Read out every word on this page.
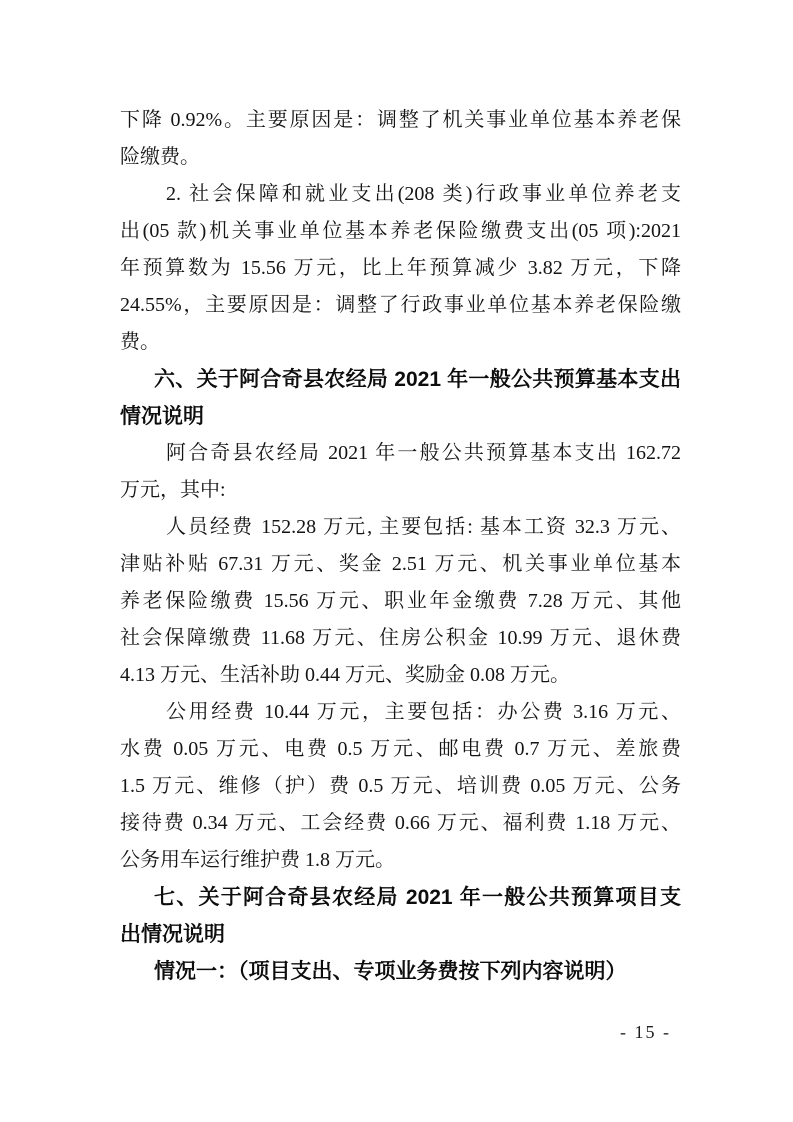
下降 0.92%。主要原因是：调整了机关事业单位基本养老保
险缴费。
2. 社会保障和就业支出(208 类)行政事业单位养老支
出(05 款)机关事业单位基本养老保险缴费支出(05 项):2021
年预算数为 15.56 万元，比上年预算减少 3.82 万元，下降
24.55%，主要原因是：调整了行政事业单位基本养老保险缴
费。
六、关于阿合奇县农经局 2021 年一般公共预算基本支出
情况说明
阿合奇县农经局 2021 年一般公共预算基本支出 162.72
万元，其中:
人员经费 152.28 万元, 主要包括: 基本工资 32.3 万元、
津贴补贴 67.31 万元、奖金 2.51 万元、机关事业单位基本
养老保险缴费 15.56 万元、职业年金缴费 7.28 万元、其他
社会保障缴费 11.68 万元、住房公积金 10.99 万元、退休费
4.13 万元、生活补助 0.44 万元、奖励金 0.08 万元。
公用经费 10.44 万元，主要包括：办公费 3.16 万元、
水费 0.05 万元、电费 0.5 万元、邮电费 0.7 万元、差旅费
1.5 万元、维修（护）费 0.5 万元、培训费 0.05 万元、公务
接待费 0.34 万元、工会经费 0.66 万元、福利费 1.18 万元、
公务用车运行维护费 1.8 万元。
七、关于阿合奇县农经局 2021 年一般公共预算项目支
出情况说明
情况一：（项目支出、专项业务费按下列内容说明）
- 15 -
